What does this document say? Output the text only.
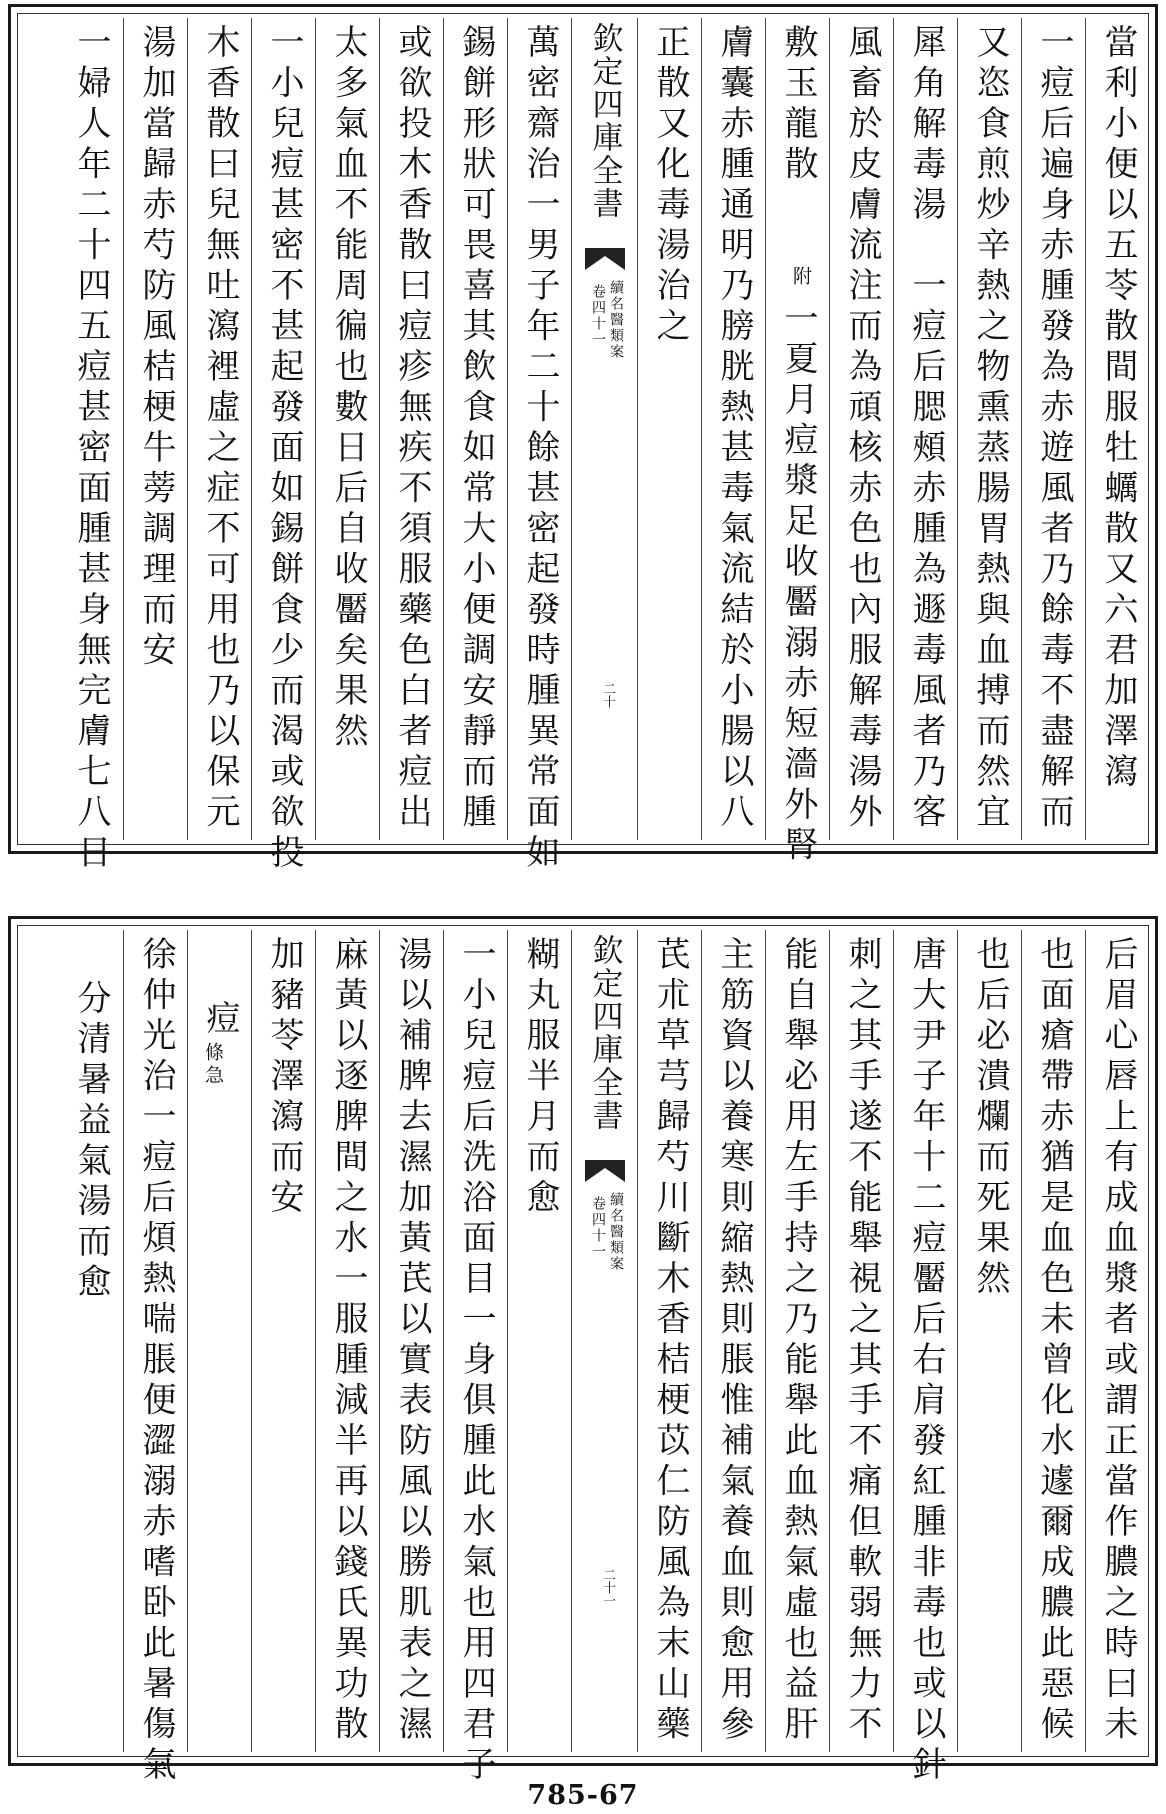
當利小便以五苓散間服牡蠣散又六君加澤瀉
一痘后遍身赤腫發為赤遊風者乃餘毒不盡解而
又恣食煎炒辛熱之物熏蒸腸胃熱與血搏而然宜
犀角解毒湯　一痘后腮頰赤腫為遯毒風者乃客
風畜於皮膚流注而為頑核赤色也內服解毒湯外
敷玉龍散
附
一夏月痘漿足收靨溺赤短濇外腎
膚囊赤腫通明乃膀胱熱甚毒氣流結於小腸以八
正散又化毒湯治之
欽定四庫全書
續名醫類案
卷四十一
二十
萬密齋治一男子年二十餘甚密起發時腫異常面如
錫餅形狀可畏喜其飲食如常大小便調安靜而腫
或欲投木香散曰痘疹無疾不須服藥色白者痘出
太多氣血不能周徧也數日后自收靨矣果然
一小兒痘甚密不甚起發面如錫餅食少而渴或欲投
木香散曰兒無吐瀉裡虛之症不可用也乃以保元
湯加當歸赤芍防風桔梗牛蒡調理而安
一婦人年二十四五痘甚密面腫甚身無完膚七八日
后眉心唇上有成血漿者或謂正當作膿之時曰未
也面瘡帶赤猶是血色未曾化水遽爾成膿此惡候
也后必潰爛而死果然
唐大尹子年十二痘靨后右肩發紅腫非毒也或以針
刺之其手遂不能舉視之其手不痛但軟弱無力不
能自舉必用左手持之乃能舉此血熱氣虛也益肝
主筋資以養寒則縮熱則脹惟補氣養血則愈用參
芪朮草芎歸芍川斷木香桔梗苡仁防風為末山藥
欽定四庫全書
續名醫類案
卷四十一
二十一
糊丸服半月而愈
一小兒痘后洗浴面目一身俱腫此水氣也用四君子
湯以補脾去濕加黃芪以實表防風以勝肌表之濕
麻黃以逐脾間之水一服腫減半再以錢氏異功散
加豬苓澤瀉而安
痘
條急
徐仲光治一痘后煩熱喘脹便澀溺赤嗜卧此暑傷氣
分清暑益氣湯而愈
785-67
